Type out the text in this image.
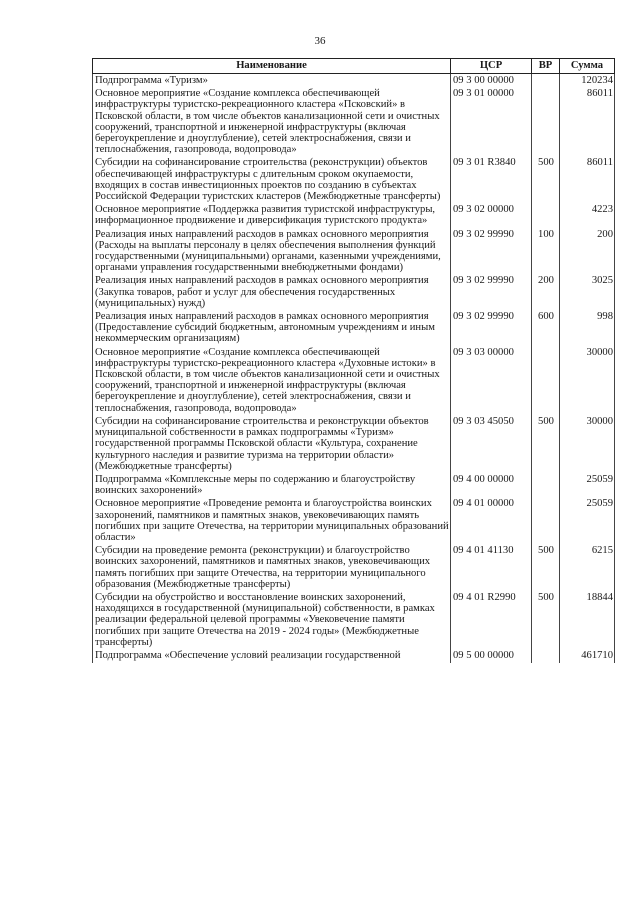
36
Наименование	ЦСР	ВР	Сумма
Подпрограмма «Туризм»	09 3 00 00000		120234
Основное мероприятие «Создание комплекса обеспечивающей инфраструктуры туристско-рекреационного кластера «Псковский» в Псковской области, в том числе объектов канализационной сети и очистных сооружений, транспортной и инженерной инфраструктуры (включая берегоукрепление и дноуглубление), сетей электроснабжения, связи и теплоснабжения, газопровода, водопровода»	09 3 01 00000		86011
Субсидии на софинансирование строительства (реконструкции) объектов обеспечивающей инфраструктуры с длительным сроком окупаемости, входящих в состав инвестиционных проектов по созданию в субъектах Российской Федерации туристских кластеров (Межбюджетные трансферты)	09 3 01 R3840	500	86011
Основное мероприятие «Поддержка развития туристской инфраструктуры, информационное продвижение и диверсификация туристского продукта»	09 3 02 00000		4223
Реализация иных направлений расходов в рамках основного мероприятия (Расходы на выплаты персоналу в целях обеспечения выполнения функций государственными (муниципальными) органами, казенными учреждениями, органами управления государственными внебюджетными фондами)	09 3 02 99990	100	200
Реализация иных направлений расходов в рамках основного мероприятия (Закупка товаров, работ и услуг для обеспечения государственных (муниципальных) нужд)	09 3 02 99990	200	3025
Реализация иных направлений расходов в рамках основного мероприятия (Предоставление субсидий бюджетным, автономным учреждениям и иным некоммерческим организациям)	09 3 02 99990	600	998
Основное мероприятие «Создание комплекса обеспечивающей инфраструктуры туристско-рекреационного кластера «Духовные истоки» в Псковской области, в том числе объектов канализационной сети и очистных сооружений, транспортной и инженерной инфраструктуры (включая берегоукрепление и дноуглубление), сетей электроснабжения, связи и теплоснабжения, газопровода, водопровода»	09 3 03 00000		30000
Субсидии на софинансирование строительства и реконструкции объектов муниципальной собственности в рамках подпрограммы «Туризм» государственной программы Псковской области «Культура, сохранение культурного наследия и развитие туризма на территории области» (Межбюджетные трансферты)	09 3 03 45050	500	30000
Подпрограмма «Комплексные меры по содержанию и благоустройству воинских захоронений»	09 4 00 00000		25059
Основное мероприятие «Проведение ремонта и благоустройства воинских захоронений, памятников и памятных знаков, увековечивающих память погибших при защите Отечества, на территории муниципальных образований области»	09 4 01 00000		25059
Субсидии на проведение ремонта (реконструкции) и благоустройство воинских захоронений, памятников и памятных знаков, увековечивающих память погибших при защите Отечества, на территории муниципального образования (Межбюджетные трансферты)	09 4 01 41130	500	6215
Субсидии на обустройство и восстановление воинских захоронений, находящихся в государственной (муниципальной) собственности, в рамках реализации федеральной целевой программы «Увековечение памяти погибших при защите Отечества на 2019 - 2024 годы» (Межбюджетные трансферты)	09 4 01 R2990	500	18844
Подпрограмма «Обеспечение условий реализации государственной	09 5 00 00000		461710
